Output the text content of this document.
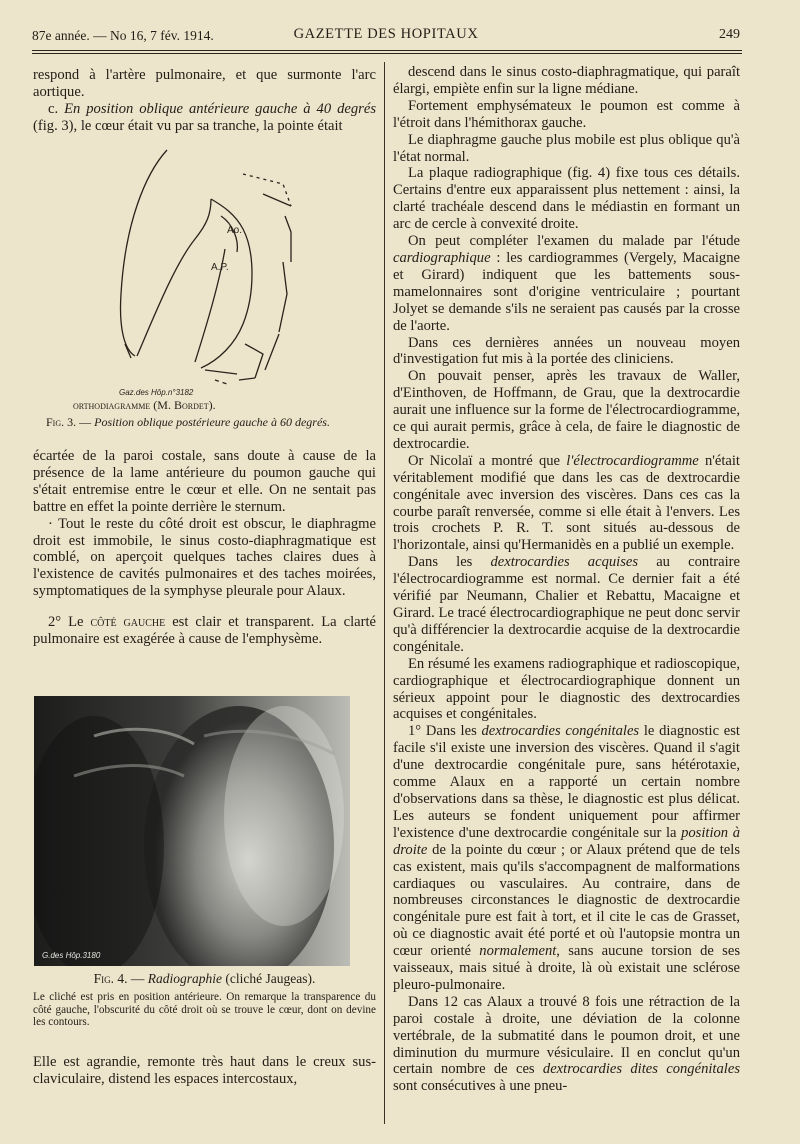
87e année. — No 16, 7 fév. 1914.	GAZETTE DES HOPITAUX	249

respond à l'artère pulmonaire, et que surmonte l'arc aortique.

c. En position oblique antérieure gauche à 40 degrés (fig. 3), le cœur était vu par sa tranche, la pointe était

Ao.
A.P.
Gaz.des Hôp.n°3182
orthodiagramme (M. Bordet).
Fig. 3. — Position oblique postérieure gauche à 60 degrés.

écartée de la paroi costale, sans doute à cause de la présence de la lame antérieure du poumon gauche qui s'était entremise entre le cœur et elle. On ne sentait pas battre en effet la pointe derrière le sternum.

· Tout le reste du côté droit est obscur, le diaphragme droit est immobile, le sinus costo-diaphragmatique est comblé, on aperçoit quelques taches claires dues à l'existence de cavités pulmonaires et des taches moirées, symptomatiques de la symphyse pleurale pour Alaux.

2° Le côté gauche est clair et transparent. La clarté pulmonaire est exagérée à cause de l'emphysème.

G.des Hôp.3180
Fig. 4. — Radiographie (cliché Jaugeas).
Le cliché est pris en position antérieure. On remarque la transparence du côté gauche, l'obscurité du côté droit où se trouve le cœur, dont on devine les contours.

Elle est agrandie, remonte très haut dans le creux sus-claviculaire, distend les espaces intercostaux,

descend dans le sinus costo-diaphragmatique, qui paraît élargi, empiète enfin sur la ligne médiane.

Fortement emphysémateux le poumon est comme à l'étroit dans l'hémithorax gauche.

Le diaphragme gauche plus mobile est plus oblique qu'à l'état normal.

La plaque radiographique (fig. 4) fixe tous ces détails. Certains d'entre eux apparaissent plus nettement : ainsi, la clarté trachéale descend dans le médiastin en formant un arc de cercle à convexité droite.

On peut compléter l'examen du malade par l'étude cardiographique : les cardiogrammes (Vergely, Macaigne et Girard) indiquent que les battements sous-mamelonnaires sont d'origine ventriculaire ; pourtant Jolyet se demande s'ils ne seraient pas causés par la crosse de l'aorte.

Dans ces dernières années un nouveau moyen d'investigation fut mis à la portée des cliniciens.

On pouvait penser, après les travaux de Waller, d'Einthoven, de Hoffmann, de Grau, que la dextrocardie aurait une influence sur la forme de l'électrocardiogramme, ce qui aurait permis, grâce à cela, de faire le diagnostic de dextrocardie.

Or Nicolaï a montré que l'électrocardiogramme n'était véritablement modifié que dans les cas de dextrocardie congénitale avec inversion des viscères. Dans ces cas la courbe paraît renversée, comme si elle était à l'envers. Les trois crochets P. R. T. sont situés au-dessous de l'horizontale, ainsi qu'Hermanidès en a publié un exemple.

Dans les dextrocardies acquises au contraire l'électrocardiogramme est normal. Ce dernier fait a été vérifié par Neumann, Chalier et Rebattu, Macaigne et Girard. Le tracé électrocardiographique ne peut donc servir qu'à différencier la dextrocardie acquise de la dextrocardie congénitale.

En résumé les examens radiographique et radioscopique, cardiographique et électrocardiographique donnent un sérieux appoint pour le diagnostic des dextrocardies acquises et congénitales.

1° Dans les dextrocardies congénitales le diagnostic est facile s'il existe une inversion des viscères. Quand il s'agit d'une dextrocardie congénitale pure, sans hétérotaxie, comme Alaux en a rapporté un certain nombre d'observations dans sa thèse, le diagnostic est plus délicat. Les auteurs se fondent uniquement pour affirmer l'existence d'une dextrocardie congénitale sur la position à droite de la pointe du cœur ; or Alaux prétend que de tels cas existent, mais qu'ils s'accompagnent de malformations cardiaques ou vasculaires. Au contraire, dans de nombreuses circonstances le diagnostic de dextrocardie congénitale pure est fait à tort, et il cite le cas de Grasset, où ce diagnostic avait été porté et où l'autopsie montra un cœur orienté normalement, sans aucune torsion de ses vaisseaux, mais situé à droite, là où existait une sclérose pleuro-pulmonaire.

Dans 12 cas Alaux a trouvé 8 fois une rétraction de la paroi costale à droite, une déviation de la colonne vertébrale, de la submatité dans le poumon droit, et une diminution du murmure vésiculaire. Il en conclut qu'un certain nombre de ces dextrocardies dites congénitales sont consécutives à une pneu-
